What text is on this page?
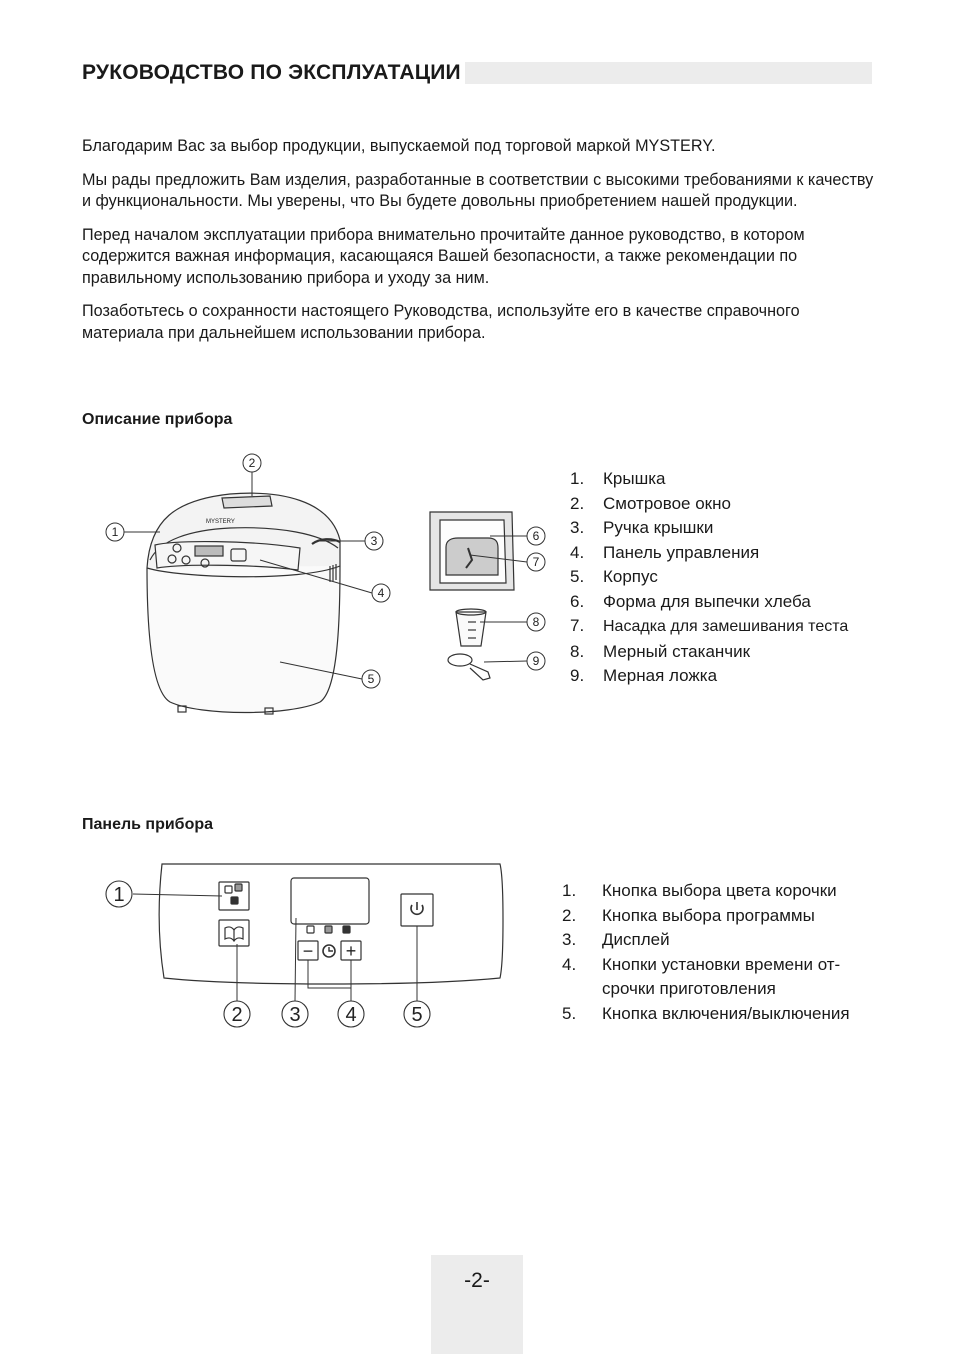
РУКОВОДСТВО ПО ЭКСПЛУАТАЦИИ

Благодарим Вас за выбор продукции, выпускаемой под торговой маркой MYSTERY.

Мы рады предложить Вам изделия, разработанные в соответствии с высокими требованиями к качеству и функциональности. Мы уверены, что Вы будете довольны приобретением нашей продукции.

Перед началом эксплуатации прибора внимательно прочитайте данное руководство, в котором содержится важная информация, касающаяся Вашей безопасности, а также рекомендации по правильному использованию прибора и уходу за ним.

Позаботьтесь о сохранности настоящего Руководства, используйте его в качестве справочного материала при дальнейшем использовании прибора.

Описание прибора
MYSTERY
1
2
3
4
5
6
7
8
9
1. Крышка
2. Смотровое окно
3. Ручка крышки
4. Панель управления
5. Корпус
6. Форма для выпечки хлеба
7. Насадка для замешивания теста
8. Мерный стаканчик
9. Мерная ложка
Панель прибора
− +
1
2 3 4	5
1. Кнопка выбора цвета корочки
2. Кнопка выбора программы
3. Дисплей
4. Кнопки установки времени от-срочки приготовления
5. Кнопка включения/выключения
-2-
